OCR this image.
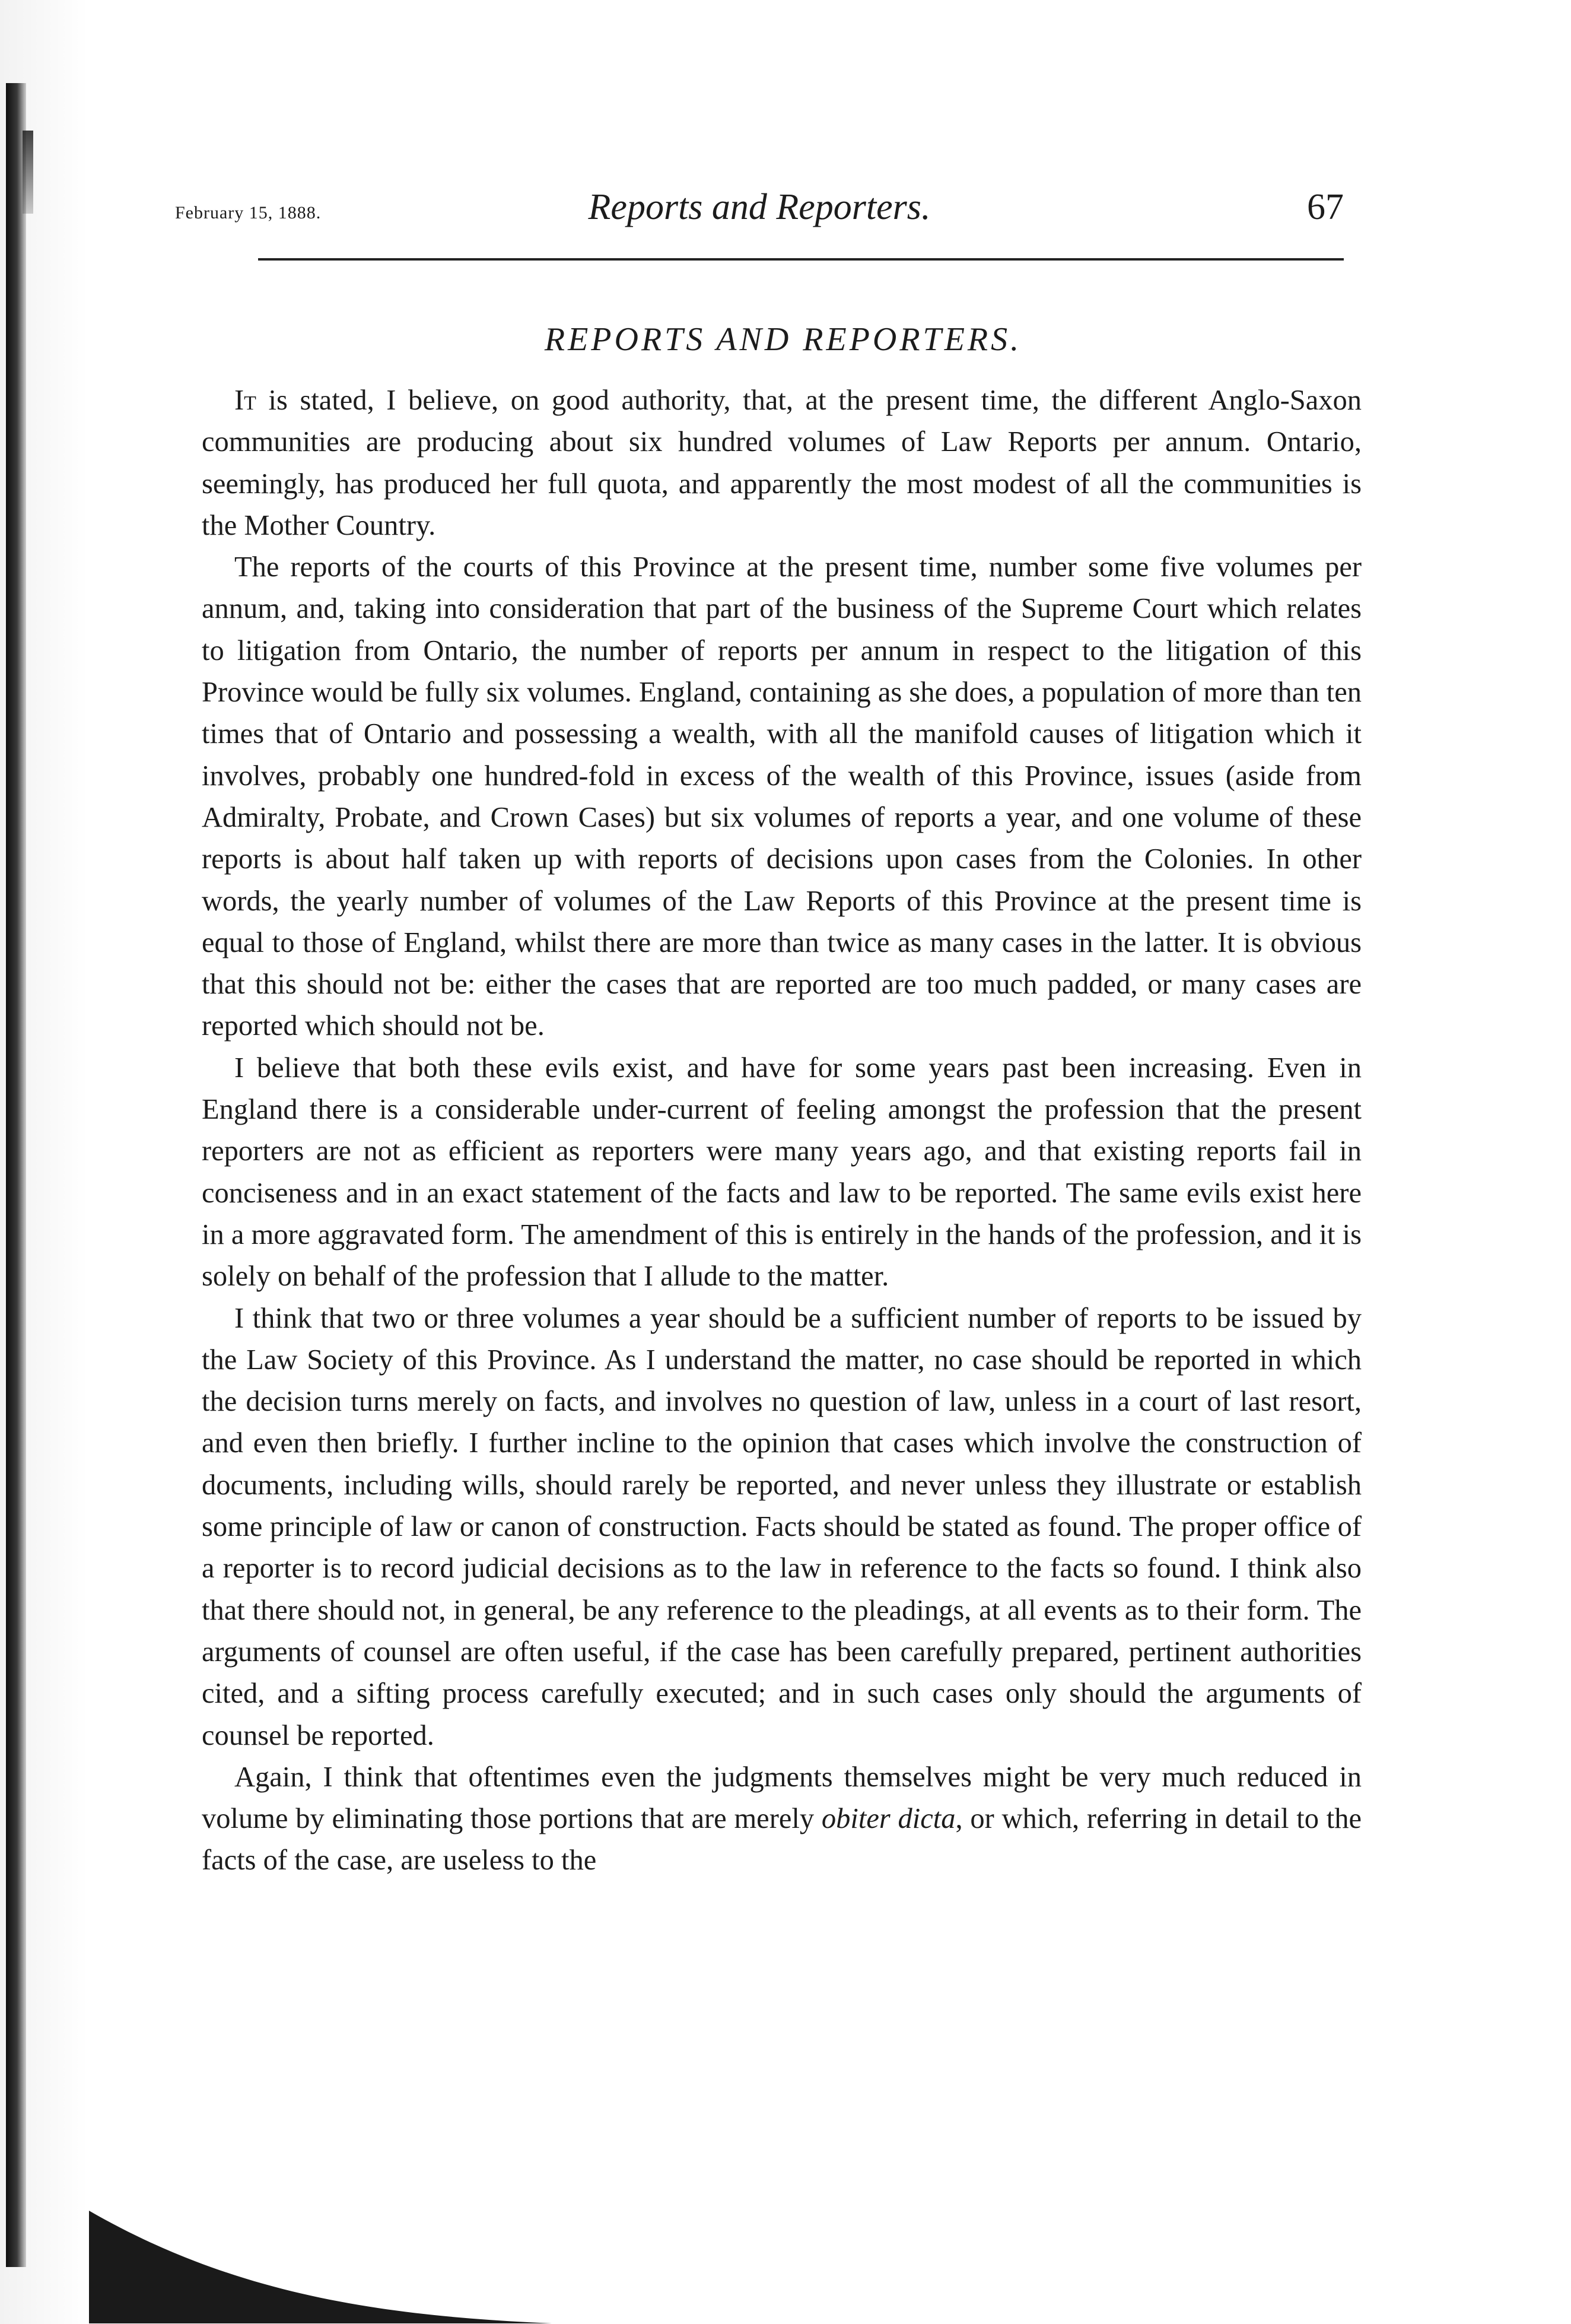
February 15, 1888.	Reports and Reporters.	67
REPORTS AND REPORTERS.

It is stated, I believe, on good authority, that, at the present time, the different Anglo-Saxon communities are producing about six hundred volumes of Law Reports per annum. Ontario, seemingly, has produced her full quota, and apparently the most modest of all the communities is the Mother Country.

The reports of the courts of this Province at the present time, number some five volumes per annum, and, taking into consideration that part of the business of the Supreme Court which relates to litigation from Ontario, the number of reports per annum in respect to the litigation of this Province would be fully six volumes. England, containing as she does, a population of more than ten times that of Ontario and possessing a wealth, with all the manifold causes of litigation which it involves, probably one hundred-fold in excess of the wealth of this Province, issues (aside from Admiralty, Probate, and Crown Cases) but six volumes of reports a year, and one volume of these reports is about half taken up with reports of decisions upon cases from the Colonies. In other words, the yearly number of volumes of the Law Reports of this Province at the present time is equal to those of England, whilst there are more than twice as many cases in the latter. It is obvious that this should not be: either the cases that are reported are too much padded, or many cases are reported which should not be.

I believe that both these evils exist, and have for some years past been increasing. Even in England there is a considerable under-current of feeling amongst the profession that the present reporters are not as efficient as reporters were many years ago, and that existing reports fail in conciseness and in an exact statement of the facts and law to be reported. The same evils exist here in a more aggravated form. The amendment of this is entirely in the hands of the profession, and it is solely on behalf of the profession that I allude to the matter.

I think that two or three volumes a year should be a sufficient number of reports to be issued by the Law Society of this Province. As I understand the matter, no case should be reported in which the decision turns merely on facts, and involves no question of law, unless in a court of last resort, and even then briefly. I further incline to the opinion that cases which involve the construction of documents, including wills, should rarely be reported, and never unless they illustrate or establish some principle of law or canon of construction. Facts should be stated as found. The proper office of a reporter is to record judicial decisions as to the law in reference to the facts so found. I think also that there should not, in general, be any reference to the pleadings, at all events as to their form. The arguments of counsel are often useful, if the case has been carefully prepared, pertinent authorities cited, and a sifting process carefully executed; and in such cases only should the arguments of counsel be reported.

Again, I think that oftentimes even the judgments themselves might be very much reduced in volume by eliminating those portions that are merely obiter dicta, or which, referring in detail to the facts of the case, are useless to the
